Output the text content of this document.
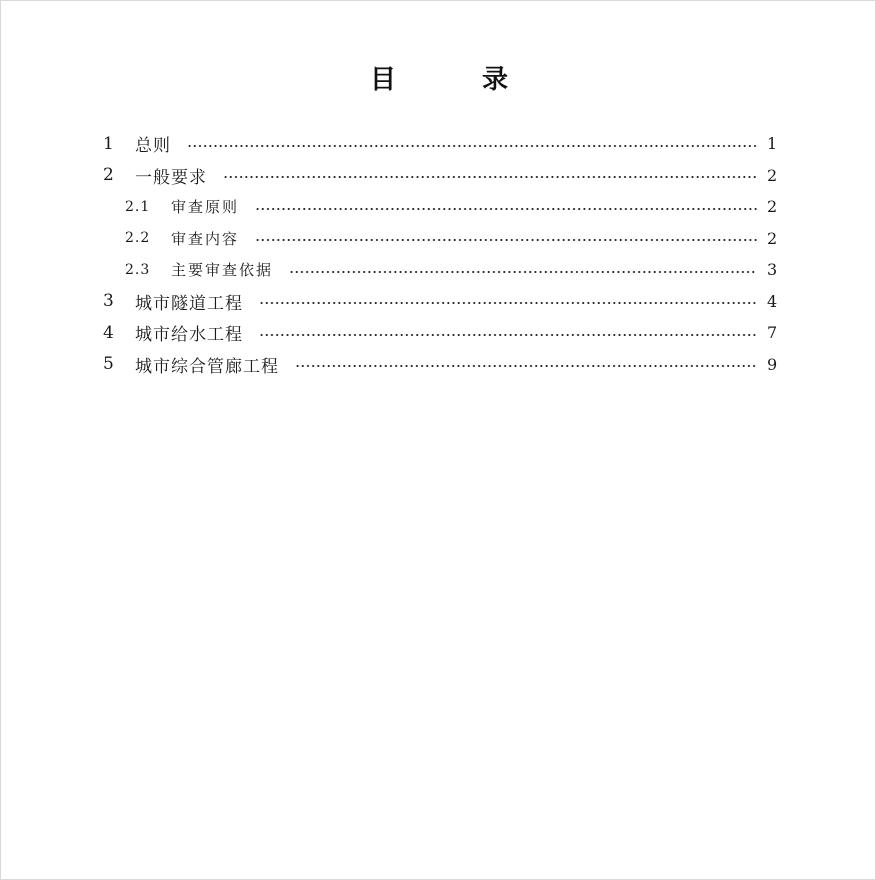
目　录
1	总则	1
2	一般要求	2
2.1	审查原则	2
2.2	审查内容	2
2.3	主要审查依据	3
3	城市隧道工程	4
4	城市给水工程	7
5	城市综合管廊工程	9
